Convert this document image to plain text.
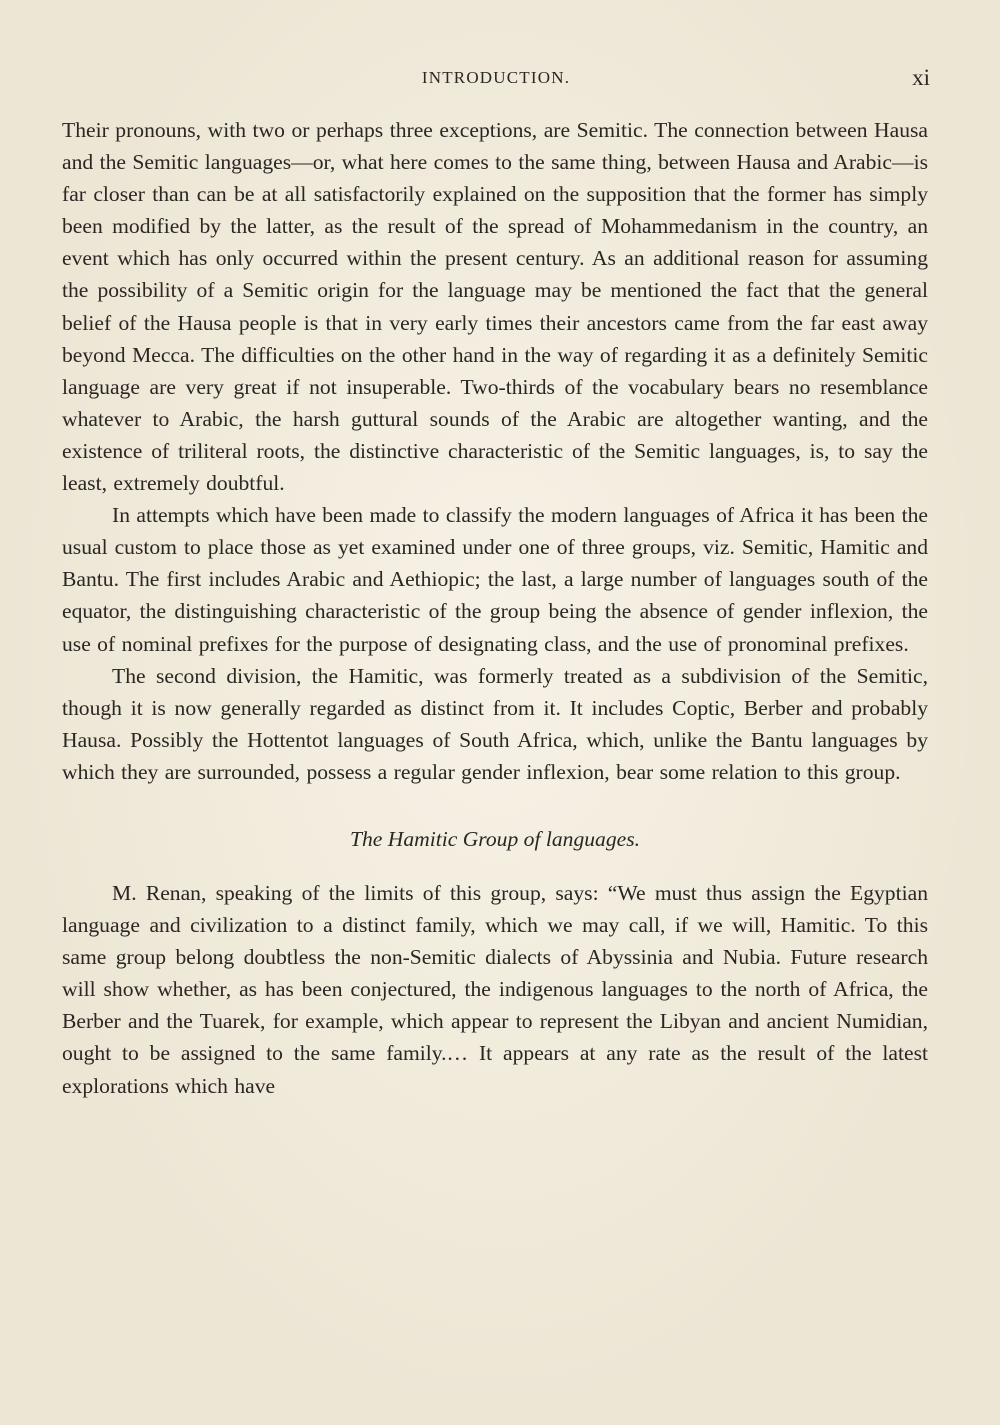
INTRODUCTION.	xi

Their pronouns, with two or perhaps three exceptions, are Semitic. The connection between Hausa and the Semitic languages—or, what here comes to the same thing, between Hausa and Arabic—is far closer than can be at all satisfactorily explained on the supposition that the former has simply been modified by the latter, as the result of the spread of Mohammedanism in the country, an event which has only occurred within the present century. As an additional reason for assuming the possibility of a Semitic origin for the language may be mentioned the fact that the general belief of the Hausa people is that in very early times their ancestors came from the far east away beyond Mecca. The difficulties on the other hand in the way of regarding it as a definitely Semitic language are very great if not insuperable. Two-thirds of the vocabulary bears no resemblance whatever to Arabic, the harsh guttural sounds of the Arabic are altogether wanting, and the existence of triliteral roots, the distinctive characteristic of the Semitic languages, is, to say the least, extremely doubtful.

In attempts which have been made to classify the modern languages of Africa it has been the usual custom to place those as yet examined under one of three groups, viz. Semitic, Hamitic and Bantu. The first includes Arabic and Aethiopic; the last, a large number of languages south of the equator, the distinguishing characteristic of the group being the absence of gender inflexion, the use of nominal prefixes for the purpose of designating class, and the use of pronominal prefixes.

The second division, the Hamitic, was formerly treated as a subdivision of the Semitic, though it is now generally regarded as distinct from it. It includes Coptic, Berber and probably Hausa. Possibly the Hottentot languages of South Africa, which, unlike the Bantu languages by which they are surrounded, possess a regular gender inflexion, bear some relation to this group.

The Hamitic Group of languages.

M. Renan, speaking of the limits of this group, says: “We must thus assign the Egyptian language and civilization to a distinct family, which we may call, if we will, Hamitic. To this same group belong doubtless the non-Semitic dialects of Abyssinia and Nubia. Future research will show whether, as has been conjectured, the indigenous languages to the north of Africa, the Berber and the Tuarek, for example, which appear to represent the Libyan and ancient Numidian, ought to be assigned to the same family.… It appears at any rate as the result of the latest explorations which have
